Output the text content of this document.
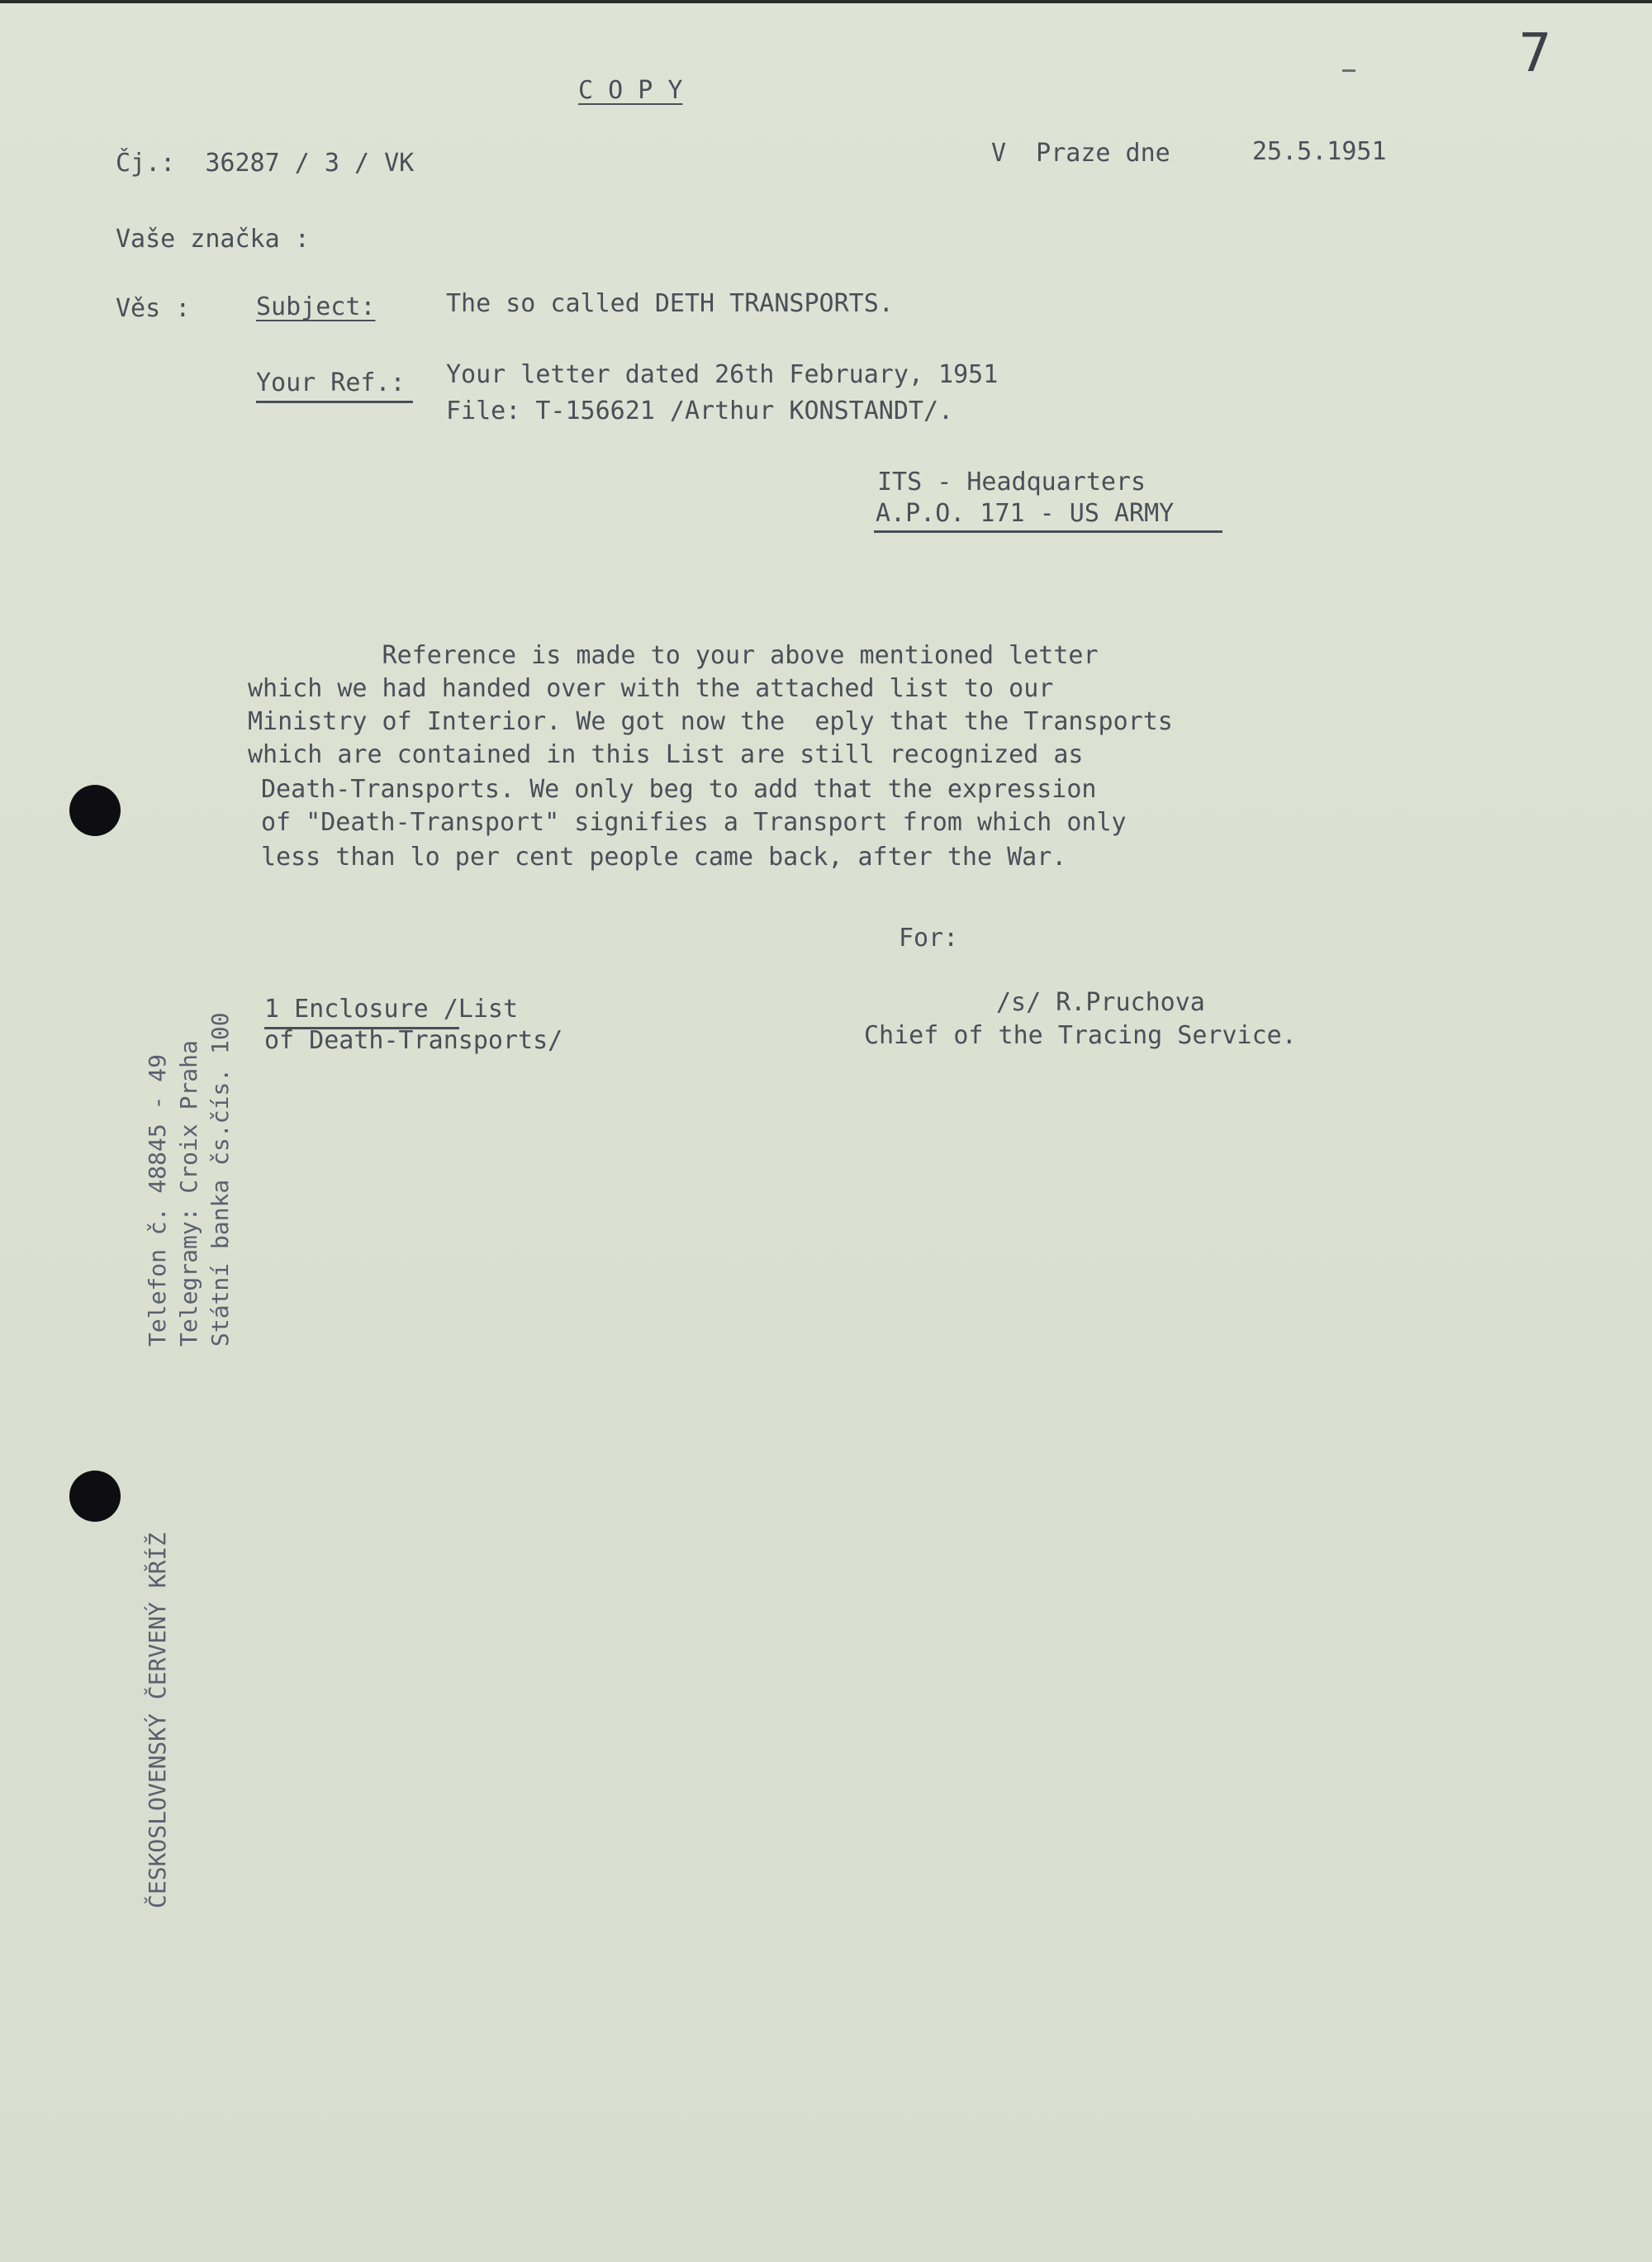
7
C O P Y
Čj.:  36287 / 3 / VK	V  Praze dne	25.5.1951
Vaše značka :
Věs :	Subject:	The so called DETH TRANSPORTS.
Your Ref.: Your letter dated 26th February, 1951
File: T-156621 /Arthur KONSTANDT/.
ITS - Headquarters
A.P.O. 171 - US ARMY
Reference is made to your above mentioned letter
which we had handed over with the attached list to our
Ministry of Interior. We got now the  eply that the Transports
which are contained in this List are still recognized as
Death-Transports. We only beg to add that the expression
of "Death-Transport" signifies a Transport from which only
less than lo per cent people came back, after the War.
For:
/s/ R.Pruchova
Chief of the Tracing Service.
1 Enclosure /List
of Death-Transports/
ČESKOSLOVENSKÝ ČERVENÝ KŘÍŽ
Telefon č. 48845 - 49 Telegramy: Croix Praha Státní banka čs.čís. 100
